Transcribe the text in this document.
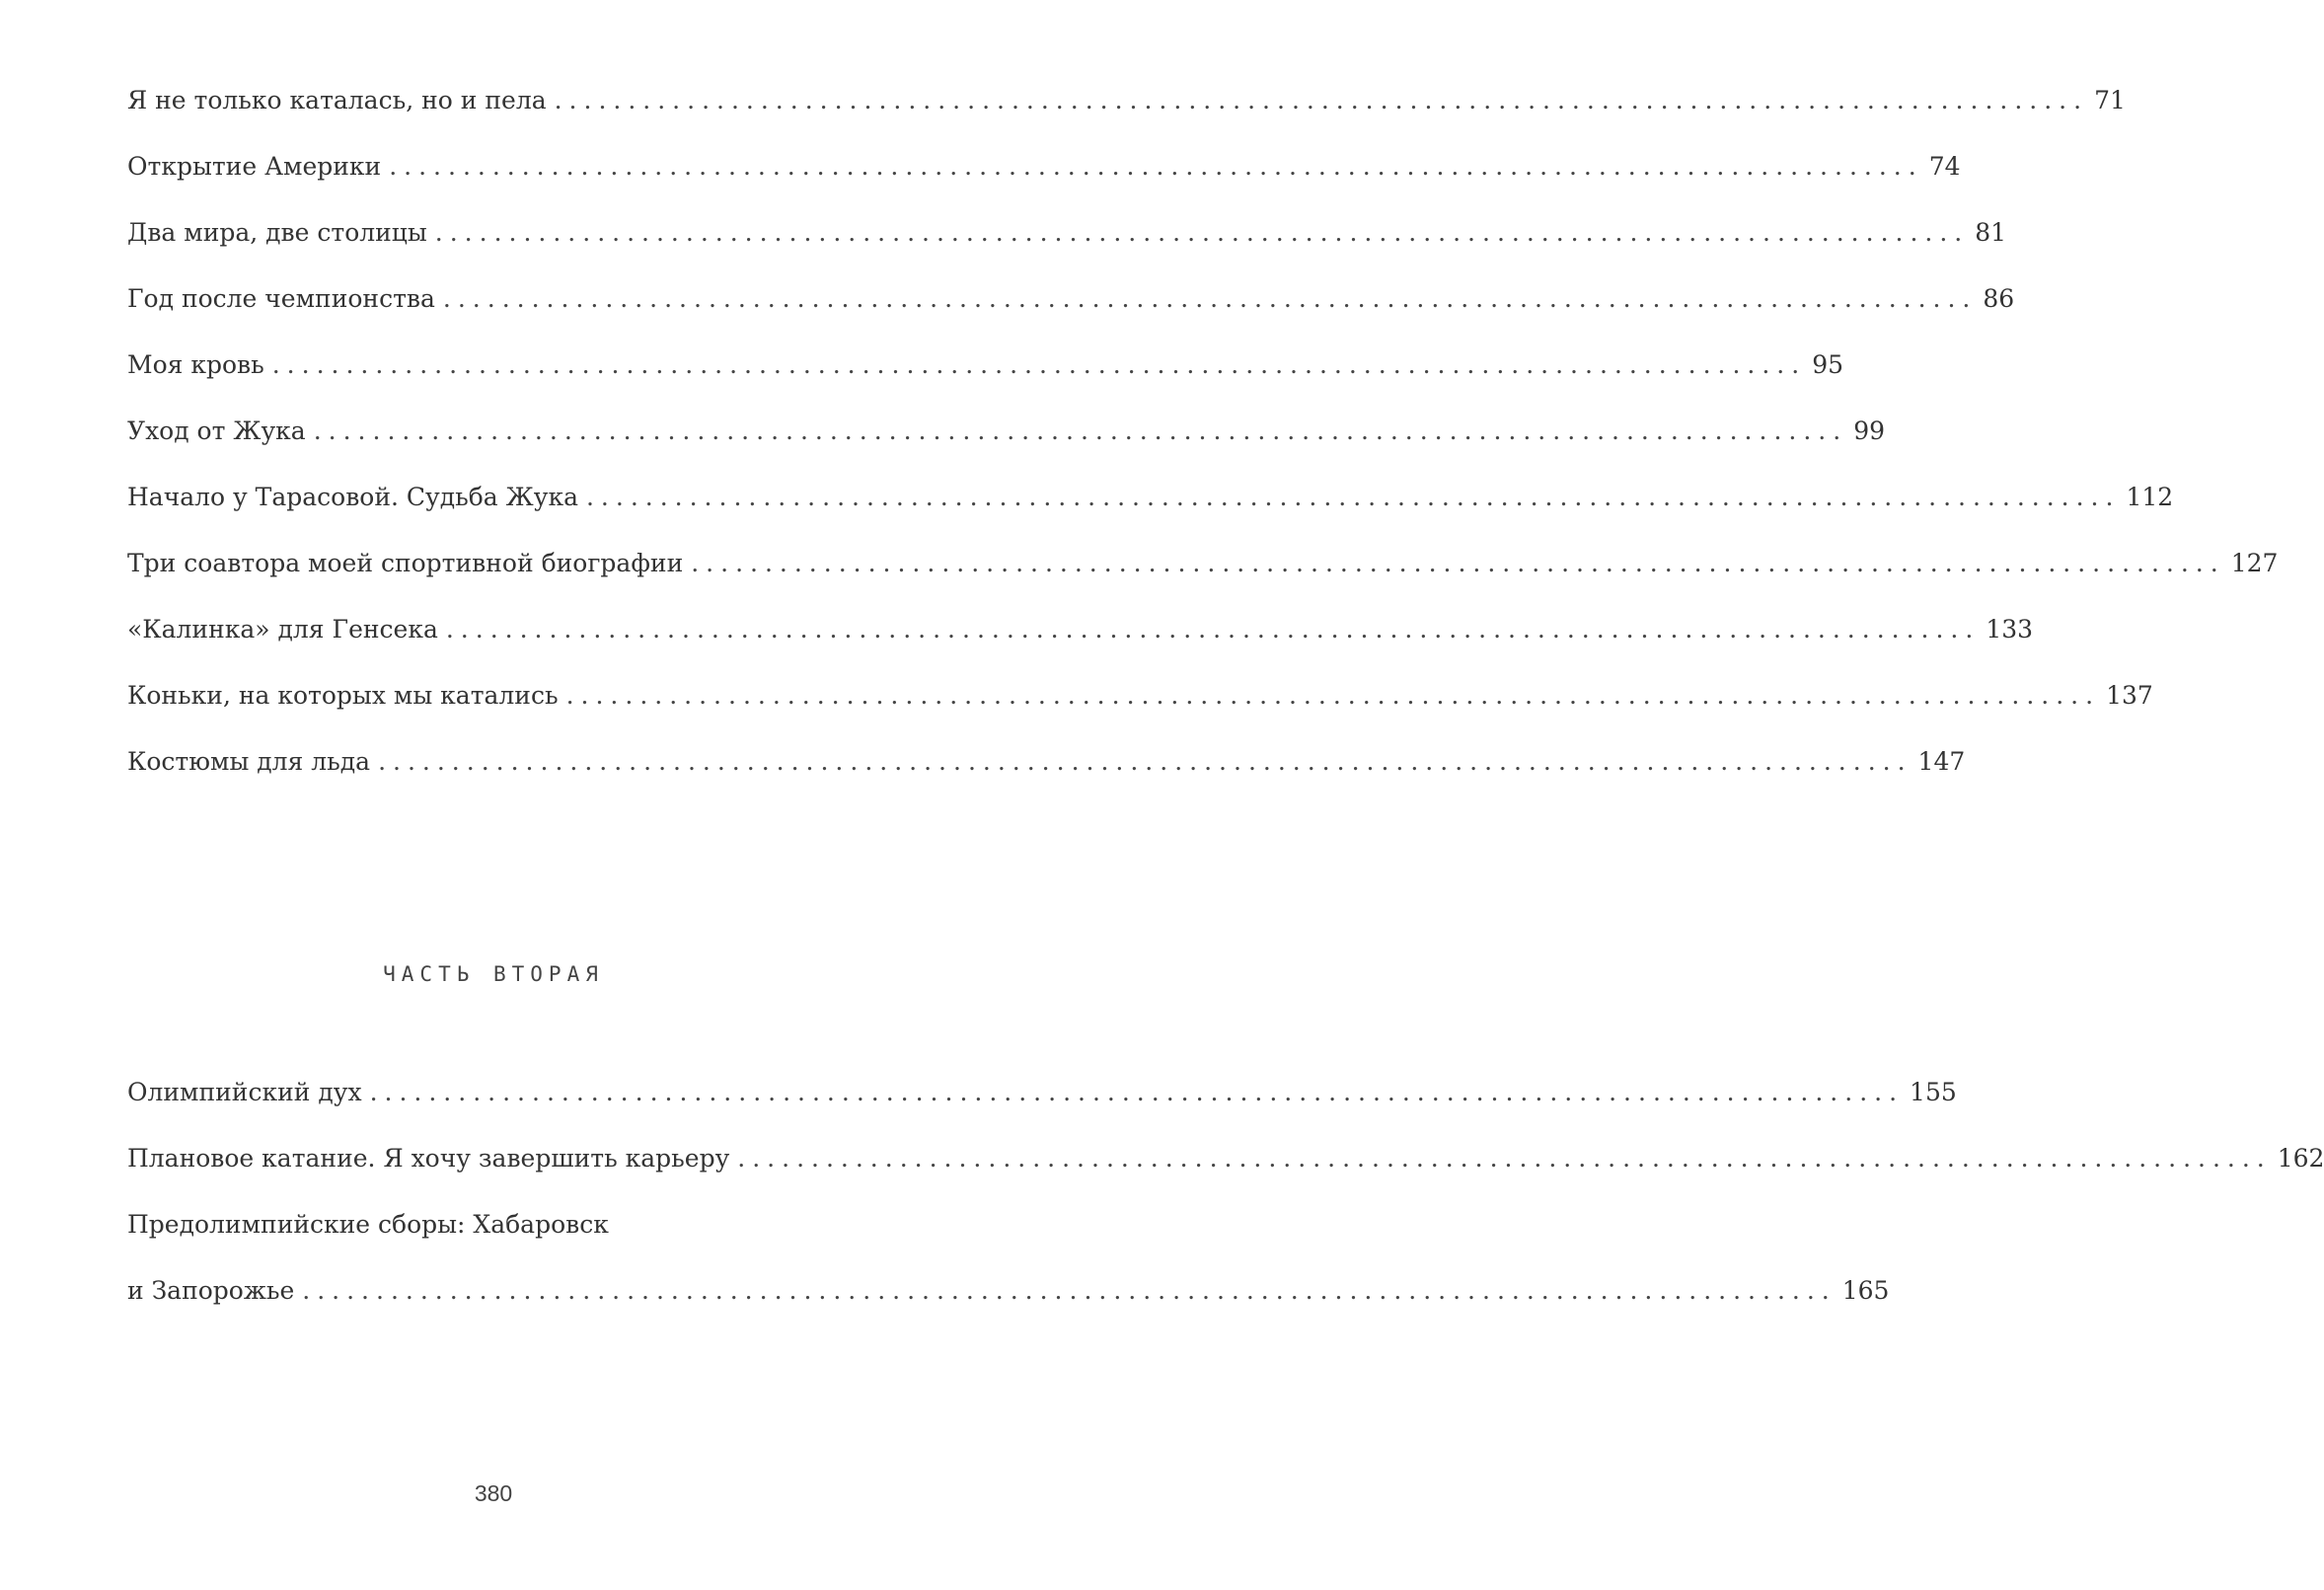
Я не только каталась, но и пела ........................................................................................................ 71
Открытие Америки ........................................................................................................ 74
Два мира, две столицы ........................................................................................................ 81
Год после чемпионства ........................................................................................................ 86
Моя кровь ........................................................................................................ 95
Уход от Жука ........................................................................................................ 99
Начало у Тарасовой. Судьба Жука ........................................................................................................ 112
Три соавтора моей спортивной биографии ........................................................................................................ 127
«Калинка» для Генсека ........................................................................................................ 133
Коньки, на которых мы катались ........................................................................................................ 137
Костюмы для льда ........................................................................................................ 147
ЧАСТЬ ВТОРАЯ
Олимпийский дух ........................................................................................................ 155
Плановое катание. Я хочу завершить карьеру ........................................................................................................ 162
Предолимпийские сборы: Хабаровск
и Запорожье ........................................................................................................ 165
380
